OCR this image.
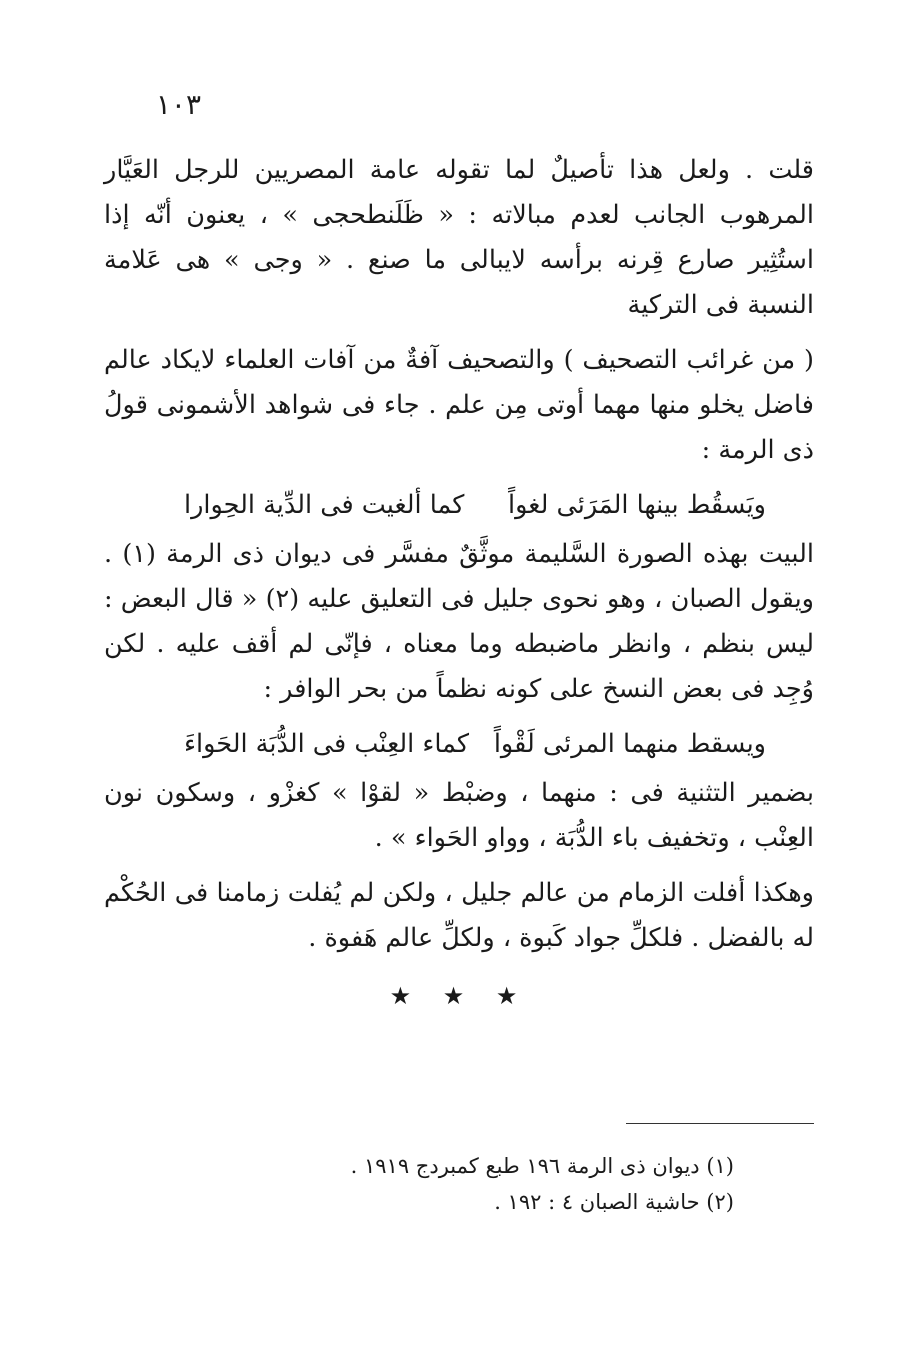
١٠٣

قلت . ولعل هذا تأصيلٌ لما تقوله عامة المصريين للرجل العَيَّار المرهوب الجانب لعدم مبالاته : « ظَلَنطحجى » ، يعنون أنّه إذا استُثِير صارع قِرنه برأسه لايبالى ما صنع . « وجى » هى عَلامة النسبة فى التركية

( من غرائب التصحيف ) والتصحيف آفةٌ من آفات العلماء لايكاد عالم فاضل يخلو منها مهما أوتى مِن علم . جاء فى شواهد الأشمونى قولُ ذى الرمة :

ويَسقُط بينها المَرَئى لغواً
كما ألغيت فى الدِّية الحِوارا

البيت بهذه الصورة السَّليمة موثَّقٌ مفسَّر فى ديوان ذى الرمة (١) . ويقول الصبان ، وهو نحوى جليل فى التعليق عليه (٢) « قال البعض : ليس بنظم ، وانظر ماضبطه وما معناه ، فإنّى لم أقف عليه . لكن وُجِد فى بعض النسخ على كونه نظماً من بحر الوافر :

ويسقط منهما المرئى لَقْواً
كماء العِنْب فى الدُّبَة الحَواءَ

بضمير التثنية فى : منهما ، وضبْط « لقوْا » كغزْو ، وسكون نون العِنْب ، وتخفيف باء الدُّبَة ، وواو الحَواء » .

وهكذا أفلت الزمام من عالم جليل ، ولكن لم يُفلت زمامنا فى الحُكْم له بالفضل . فلكلِّ جواد كَبوة ، ولكلِّ عالم هَفوة .

★ ★ ★

(١) ديوان ذى الرمة ١٩٦ طبع كمبردج ١٩١٩ .

(٢) حاشية الصبان ٤ : ١٩٢ .
